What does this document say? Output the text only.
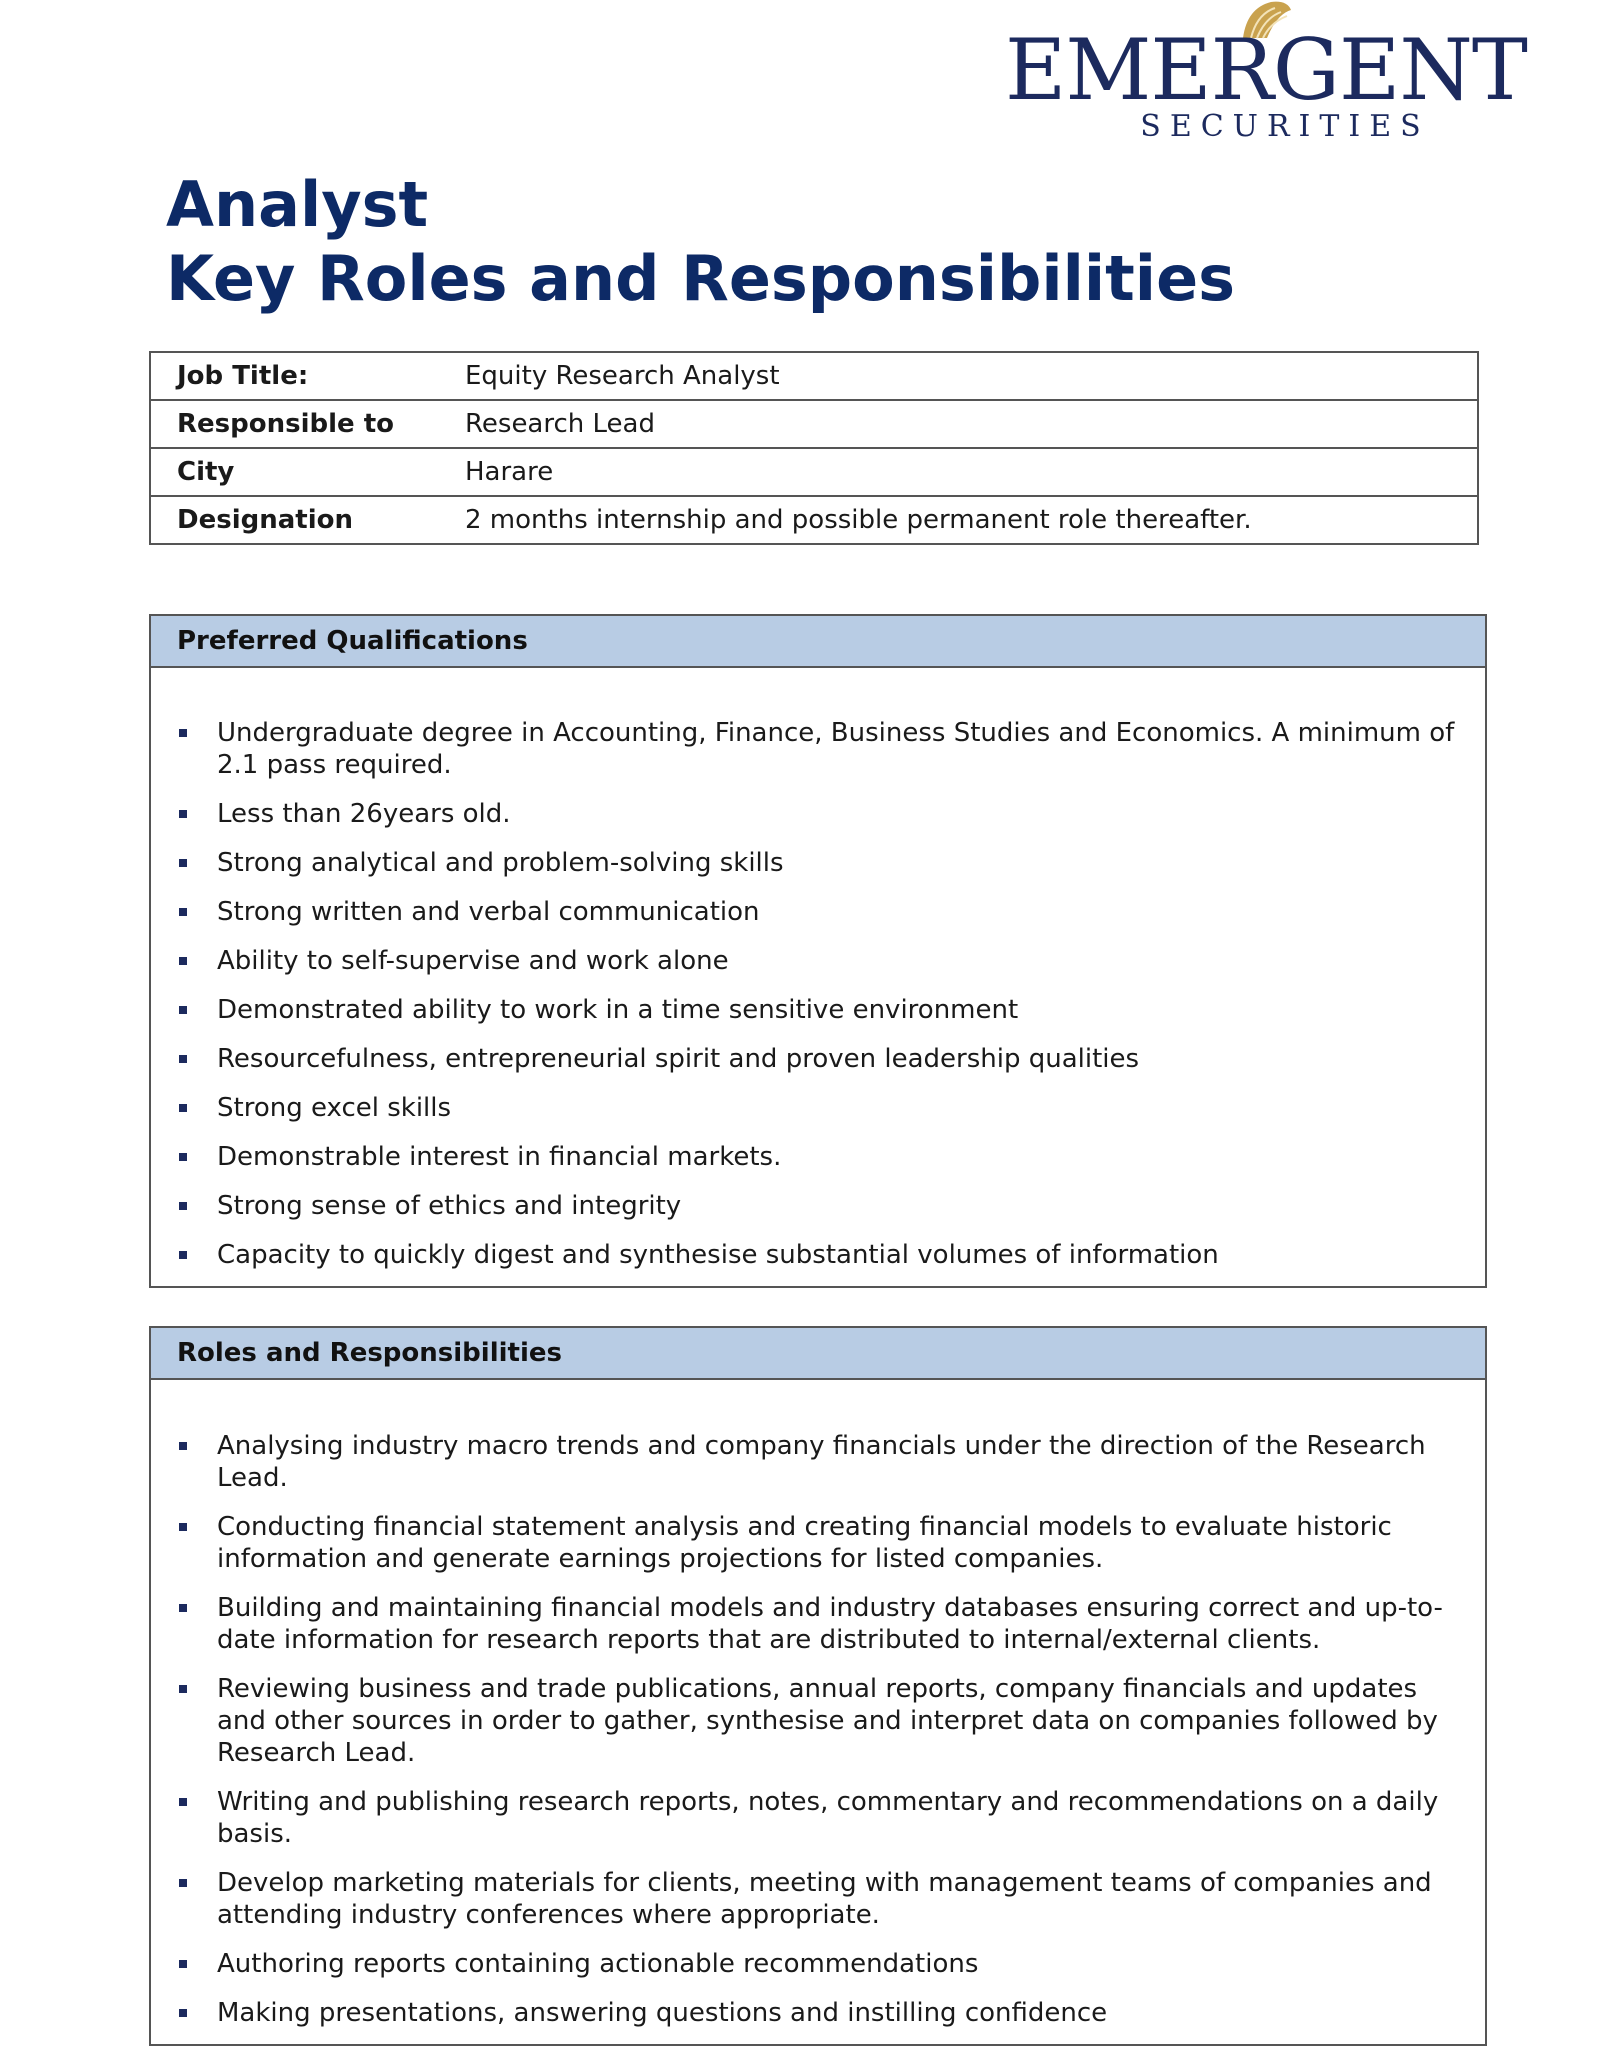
EMERGENT
SECURITIES
Analyst
Key Roles and Responsibilities
Job Title:	Equity Research Analyst
Responsible to	Research Lead
City	Harare
Designation	2 months internship and possible permanent role thereafter.
Preferred Qualifications
Undergraduate degree in Accounting, Finance, Business Studies and Economics. A minimum of 2.1 pass required.
Less than 26years old.
Strong analytical and problem-solving skills
Strong written and verbal communication
Ability to self-supervise and work alone
Demonstrated ability to work in a time sensitive environment
Resourcefulness, entrepreneurial spirit and proven leadership qualities
Strong excel skills
Demonstrable interest in financial markets.
Strong sense of ethics and integrity
Capacity to quickly digest and synthesise substantial volumes of information
Roles and Responsibilities
Analysing industry macro trends and company financials under the direction of the Research Lead.
Conducting financial statement analysis and creating financial models to evaluate historic information and generate earnings projections for listed companies.
Building and maintaining financial models and industry databases ensuring correct and up-to-date information for research reports that are distributed to internal/external clients.
Reviewing business and trade publications, annual reports, company financials and updates and other sources in order to gather, synthesise and interpret data on companies followed by Research Lead.
Writing and publishing research reports, notes, commentary and recommendations on a daily basis.
Develop marketing materials for clients, meeting with management teams of companies and attending industry conferences where appropriate.
Authoring reports containing actionable recommendations
Making presentations, answering questions and instilling confidence
